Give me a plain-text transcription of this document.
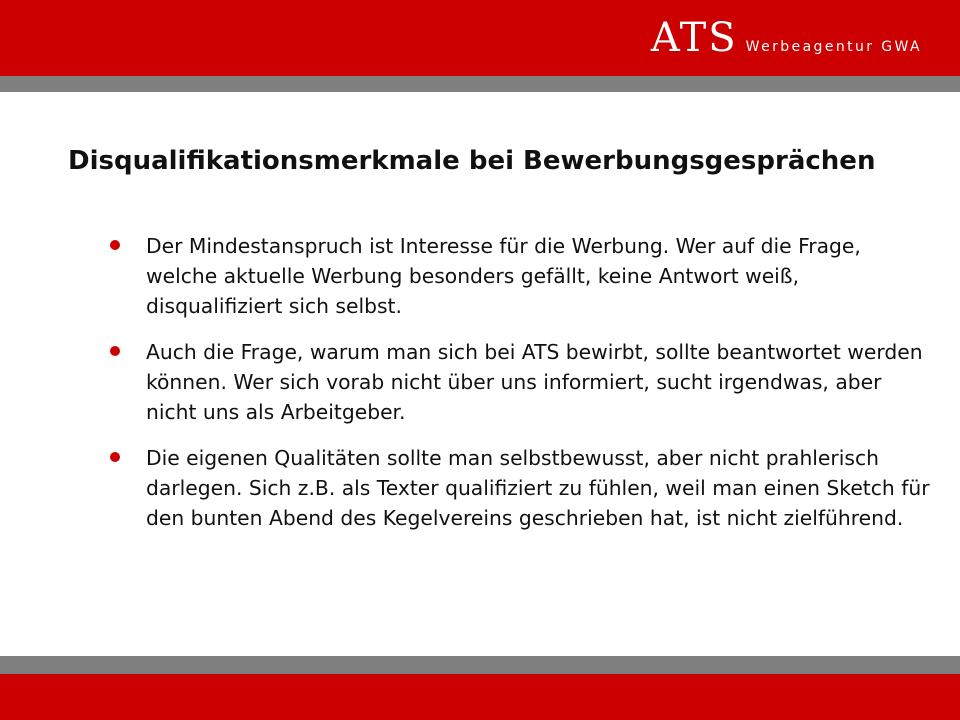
ATS Werbeagentur GWA
Disqualifikationsmerkmale bei Bewerbungsgesprächen
Der Mindestanspruch ist Interesse für die Werbung. Wer auf die Frage, welche aktuelle Werbung besonders gefällt, keine Antwort weiß, disqualifiziert sich selbst.
Auch die Frage, warum man sich bei ATS bewirbt, sollte beantwortet werden können. Wer sich vorab nicht über uns informiert, sucht irgendwas, aber nicht uns als Arbeitgeber.
Die eigenen Qualitäten sollte man selbstbewusst, aber nicht prahlerisch darlegen. Sich z.B. als Texter qualifiziert zu fühlen, weil man einen Sketch für den bunten Abend des Kegelvereins geschrieben hat, ist nicht zielführend.
